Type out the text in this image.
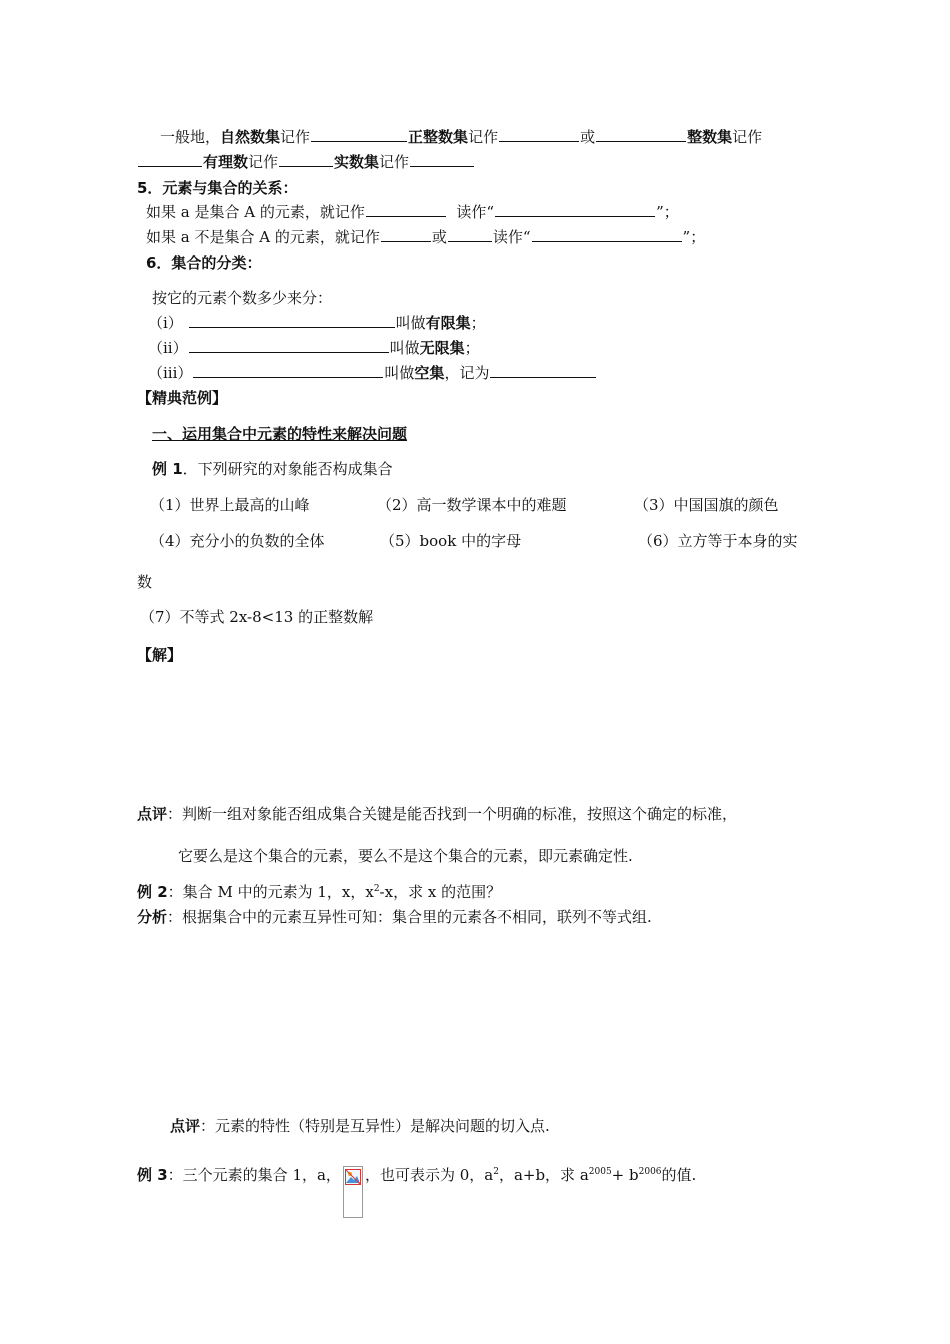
一般地，自然数集记作	正整数集记作	或	整数集记作
有理数记作	实数集记作
5．元素与集合的关系：
如果 a 是集合 A 的元素，就记作	读作“	”；
如果 a 不是集合 A 的元素，就记作	或	读作“	”；
6．集合的分类：
按它的元素个数多少来分：
（i）	叫做有限集；
（ii）	叫做无限集；
（iii）	叫做空集，记为
【精典范例】
一、运用集合中元素的特性来解决问题
例 1．下列研究的对象能否构成集合
（1）世界上最高的山峰	（2）高一数学课本中的难题	（3）中国国旗的颜色
（4）充分小的负数的全体	（5）book 中的字母	（6）立方等于本身的实
数
（7）不等式 2x-8<13 的正整数解
【解】
点评：判断一组对象能否组成集合关键是能否找到一个明确的标准，按照这个确定的标准，
它要么是这个集合的元素，要么不是这个集合的元素，即元素确定性.
例 2：集合 M 中的元素为 1，x，$x^2-x$，求 x 的范围？
分析：根据集合中的元素互异性可知：集合里的元素各不相同，联列不等式组.
点评：元素的特性（特别是互异性）是解决问题的切入点.
例 3：三个元素的集合 1，a， ，也可表示为 0，$a^2$，a+b，求 $a^{2005}+ b^{2006}$的值.
